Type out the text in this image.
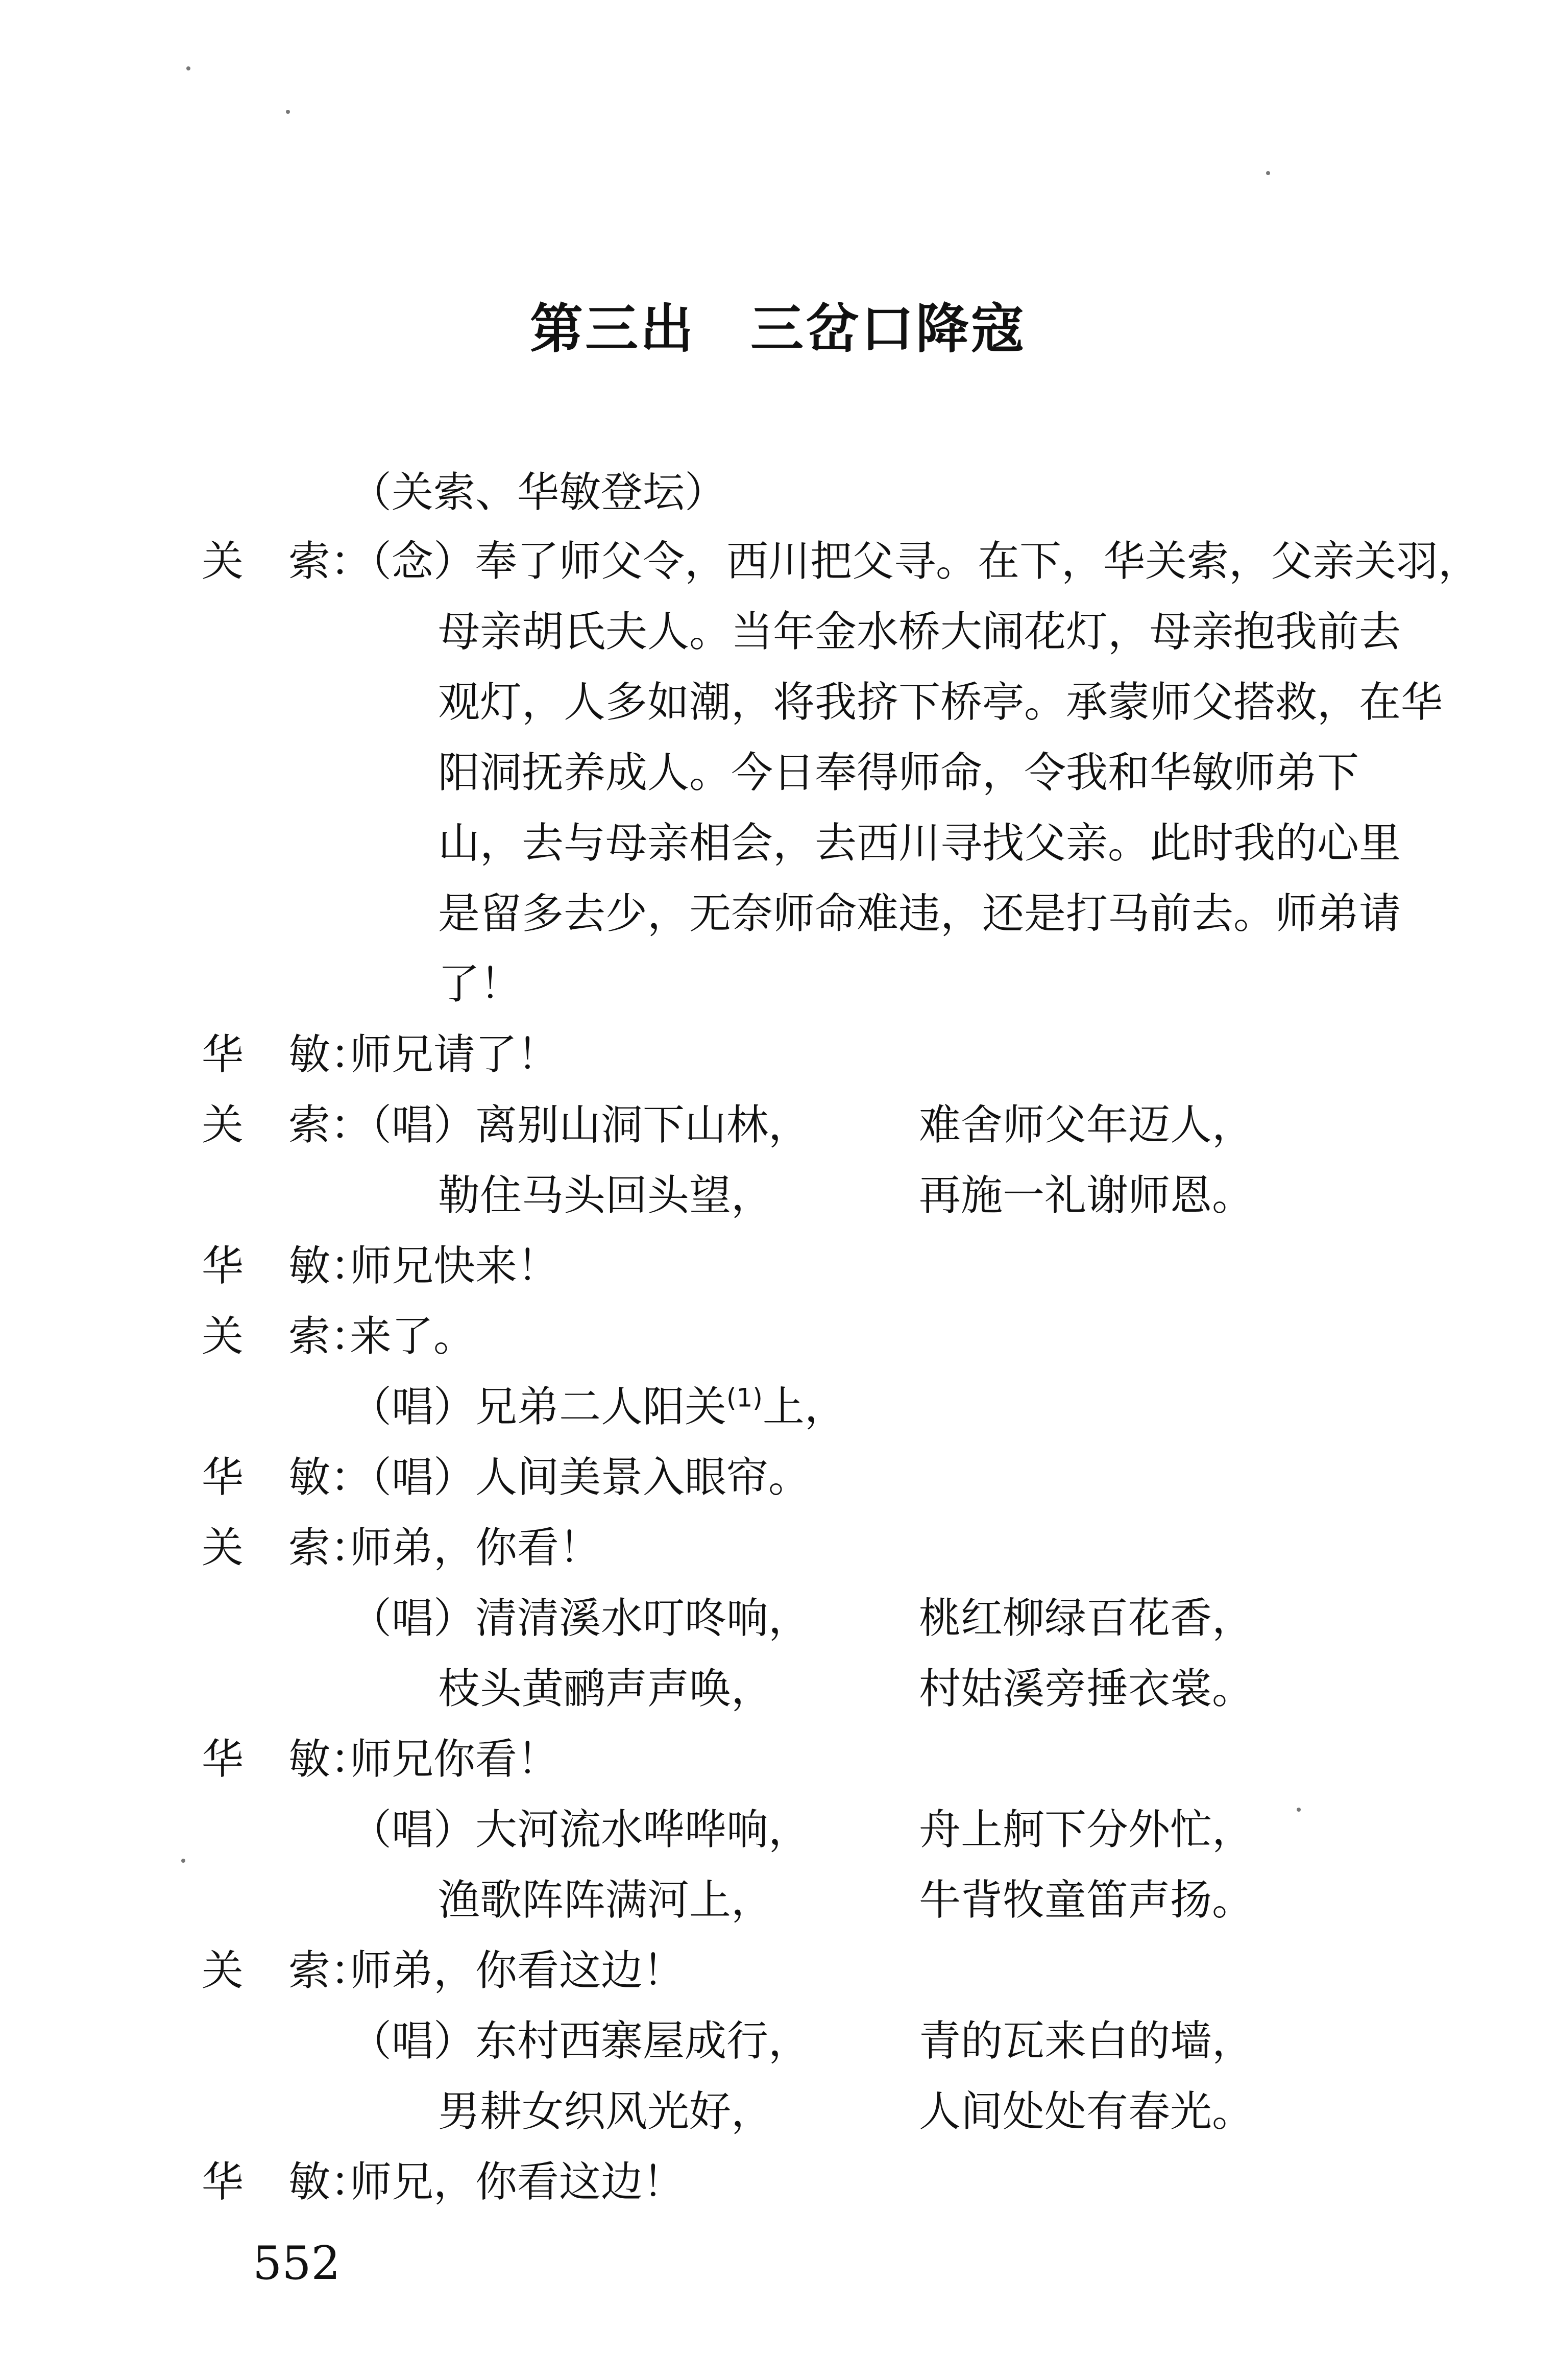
第三出　三岔口降寇
（关索、华敏登坛）
关 索：
（念）奉了师父令，西川把父寻。在下，华关索，父亲关羽，
母亲胡氏夫人。当年金水桥大闹花灯，母亲抱我前去
观灯，人多如潮，将我挤下桥亭。承蒙师父搭救，在华
阳洞抚养成人。今日奉得师命，令我和华敏师弟下
山，去与母亲相会，去西川寻找父亲。此时我的心里
是留多去少，无奈师命难违，还是打马前去。师弟请
了！
华 敏：
师兄请了！
关 索：
（唱）离别山洞下山林，	难舍师父年迈人，
勒住马头回头望，	再施一礼谢师恩。
华 敏：
师兄快来！
关 索：
来了。
（唱）兄弟二人阳关$^{(1)}$上，
华 敏：
（唱）人间美景入眼帘。
关 索：
师弟，你看！
（唱）清清溪水叮咚响，	桃红柳绿百花香，
枝头黄鹂声声唤，	村姑溪旁捶衣裳。
华 敏：
师兄你看！
（唱）大河流水哗哗响，	舟上舸下分外忙，
渔歌阵阵满河上，	牛背牧童笛声扬。
关 索：
师弟，你看这边！
（唱）东村西寨屋成行，	青的瓦来白的墙，
男耕女织风光好，	人间处处有春光。
华 敏：
师兄，你看这边！
552
